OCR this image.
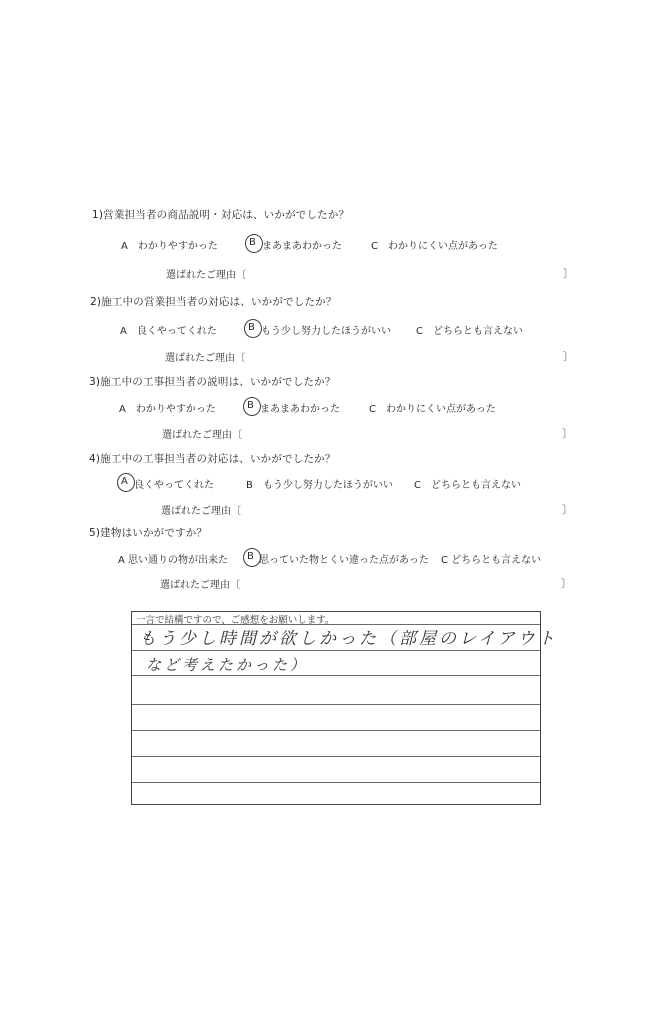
1)営業担当者の商品説明・対応は、いかがでしたか？
A　わかりやすかった	B まあまあわかった	C　わかりにくい点があった
選ばれたご理由〔	〕
2)施工中の営業担当者の対応は、いかがでしたか？
A　良くやってくれた	B もう少し努力したほうがいい	C　どちらとも言えない
選ばれたご理由〔	〕
3)施工中の工事担当者の説明は、いかがでしたか？
A　わかりやすかった	B まあまあわかった	C　わかりにくい点があった
選ばれたご理由〔	〕
4)施工中の工事担当者の対応は、いかがでしたか？
A 良くやってくれた	B　もう少し努力したほうがいい C　どちらとも言えない
選ばれたご理由〔	〕
5)建物はいかがですか？
A 思い通りの物が出来た B 思っていた物とくい違った点があった C どちらとも言えない
選ばれたご理由〔	〕
一言で結構ですので、ご感想をお願いします。
もう少し時間が欲しかった（部屋のレイアウト
など考えたかった）
